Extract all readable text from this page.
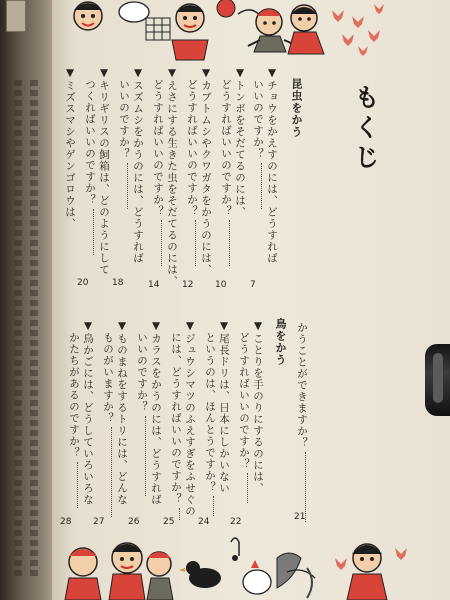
もくじ
昆虫をかう
▼チョウをかえすのには、どうすれば
いいのですか？
7
▼トンボをそだてるのには、
どうすればいいのですか？
10
▼カブトムシやクワガタをかうのには、
どうすればいいのですか？
12
▼えさにする生きた虫をそだてるのには、
どうすればいいのですか？
14
▼スズムシをかうのには、どうすれば
いいのですか？
18
▼キリギリスの飼箱は、どのようにして
つくればいいのですか？
20
▼ミズスマシやゲンゴロウは、
かうことができますか？
21
鳥をかう
▼ことりを手のりにするのには、
どうすればいいのですか？
22
▼尾長ドリは、日本にしかいない
というのは、ほんとうですか？
24
▼ジュウシマツのふえすぎをふせぐの
には、どうすればいいのですか？
25
▼カラスをかうのには、どうすれば
いいのですか？
26
▼ものまねをするトリには、どんな
ものがいますか？
27
▼鳥かごには、どうしていろいろな
かたちがあるのですか？
28
